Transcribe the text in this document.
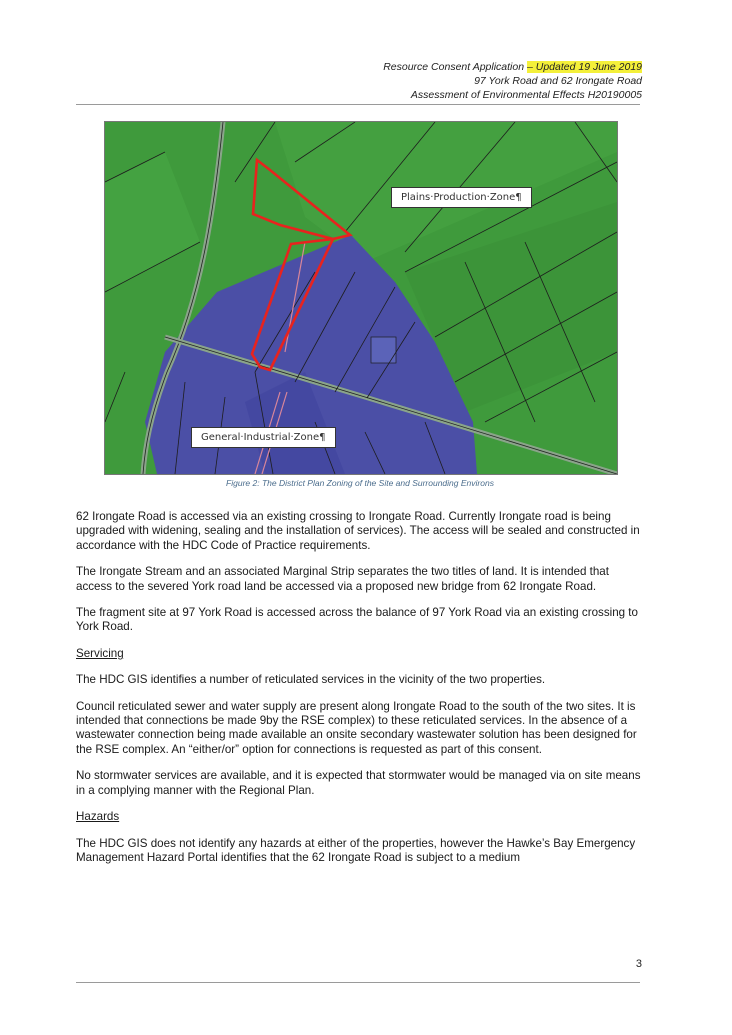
Resource Consent Application – Updated 19 June 2019
97 York Road and 62 Irongate Road
Assessment of Environmental Effects H20190005
Plains·Production·Zone¶
General·Industrial·Zone¶
Figure 2: The District Plan Zoning of the Site and Surrounding Environs

62 Irongate Road is accessed via an existing crossing to Irongate Road. Currently Irongate road is being upgraded with widening, sealing and the installation of services). The access will be sealed and constructed in accordance with the HDC Code of Practice requirements.

The Irongate Stream and an associated Marginal Strip separates the two titles of land. It is intended that access to the severed York road land be accessed via a proposed new bridge from 62 Irongate Road.

The fragment site at 97 York Road is accessed across the balance of 97 York Road via an existing crossing to York Road.

Servicing

The HDC GIS identifies a number of reticulated services in the vicinity of the two properties.

Council reticulated sewer and water supply are present along Irongate Road to the south of the two sites. It is intended that connections be made 9by the RSE complex) to these reticulated services. In the absence of a wastewater connection being made available an onsite secondary wastewater solution has been designed for the RSE complex. An “either/or” option for connections is requested as part of this consent.

No stormwater services are available, and it is expected that stormwater would be managed via on site means in a complying manner with the Regional Plan.

Hazards

The HDC GIS does not identify any hazards at either of the properties, however the Hawke’s Bay Emergency Management Hazard Portal identifies that the 62 Irongate Road is subject to a medium

3
